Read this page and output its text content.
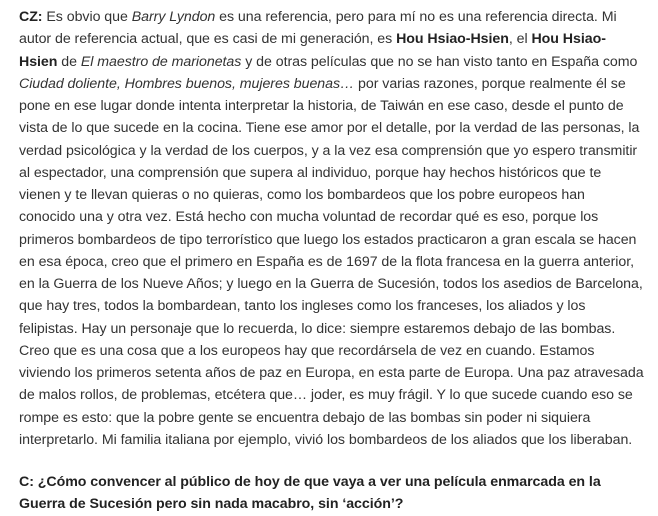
CZ: Es obvio que Barry Lyndon es una referencia, pero para mí no es una referencia directa. Mi autor de referencia actual, que es casi de mi generación, es Hou Hsiao-Hsien, el Hou Hsiao-Hsien de El maestro de marionetas y de otras películas que no se han visto tanto en España como Ciudad doliente, Hombres buenos, mujeres buenas… por varias razones, porque realmente él se pone en ese lugar donde intenta interpretar la historia, de Taiwán en ese caso, desde el punto de vista de lo que sucede en la cocina. Tiene ese amor por el detalle, por la verdad de las personas, la verdad psicológica y la verdad de los cuerpos, y a la vez esa comprensión que yo espero transmitir al espectador, una comprensión que supera al individuo, porque hay hechos históricos que te vienen y te llevan quieras o no quieras, como los bombardeos que los pobre europeos han conocido una y otra vez. Está hecho con mucha voluntad de recordar qué es eso, porque los primeros bombardeos de tipo terrorístico que luego los estados practicaron a gran escala se hacen en esa época, creo que el primero en España es de 1697 de la flota francesa en la guerra anterior, en la Guerra de los Nueve Años; y luego en la Guerra de Sucesión, todos los asedios de Barcelona, que hay tres, todos la bombardean, tanto los ingleses como los franceses, los aliados y los felipistas. Hay un personaje que lo recuerda, lo dice: siempre estaremos debajo de las bombas. Creo que es una cosa que a los europeos hay que recordársela de vez en cuando. Estamos viviendo los primeros setenta años de paz en Europa, en esta parte de Europa. Una paz atravesada de malos rollos, de problemas, etcétera que… joder, es muy frágil. Y lo que sucede cuando eso se rompe es esto: que la pobre gente se encuentra debajo de las bombas sin poder ni siquiera interpretarlo. Mi familia italiana por ejemplo, vivió los bombardeos de los aliados que los liberaban.

C: ¿Cómo convencer al público de hoy de que vaya a ver una película enmarcada en la Guerra de Sucesión pero sin nada macabro, sin ‘acción’?
